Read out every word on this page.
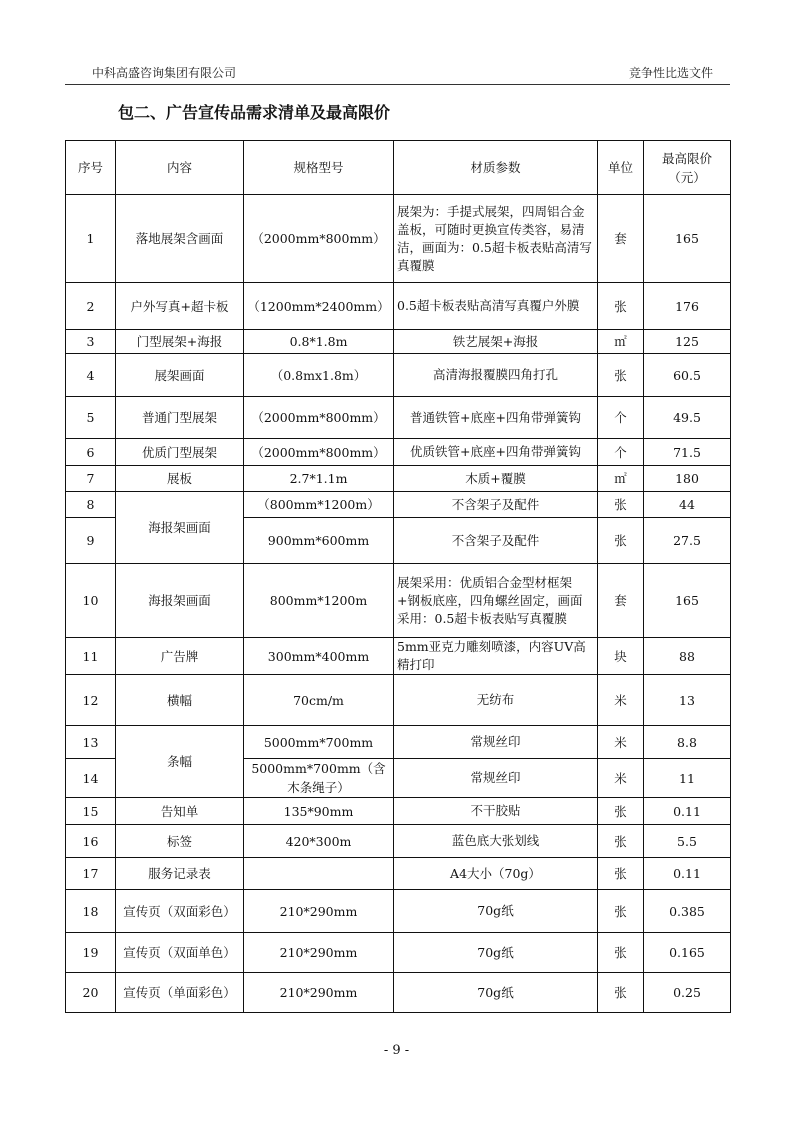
中科高盛咨询集团有限公司	竞争性比选文件
包二、广告宣传品需求清单及最高限价
序号	内容	规格型号	材质参数	单位	最高限价（元）
1	落地展架含画面	（2000mm*800mm）	展架为：手提式展架，四周铝合金盖板，可随时更换宣传类容，易清洁，画面为：0.5超卡板表贴高清写真覆膜	套	165
2	户外写真+超卡板	（1200mm*2400mm）	0.5超卡板表贴高清写真覆户外膜	张	176
3	门型展架+海报	0.8*1.8m	铁艺展架+海报	㎡	125
4	展架画面	（0.8mx1.8m）	高清海报覆膜四角打孔	张	60.5
5	普通门型展架	（2000mm*800mm）	普通铁管+底座+四角带弹簧钩	个	49.5
6	优质门型展架	（2000mm*800mm）	优质铁管+底座+四角带弹簧钩	个	71.5
7	展板	2.7*1.1m	木质+覆膜	㎡	180
8	海报架画面	（800mm*1200m）	不含架子及配件	张	44
9		900mm*600mm	不含架子及配件	张	27.5
10	海报架画面	800mm*1200m	展架采用：优质铝合金型材框架+钢板底座，四角螺丝固定，画面采用：0.5超卡板表贴写真覆膜	套	165
11	广告牌	300mm*400mm	5mm亚克力雕刻喷漆，内容UV高精打印	块	88
12	横幅	70cm/m	无纺布	米	13
13	条幅	5000mm*700mm	常规丝印	米	8.8
14		5000mm*700mm（含木条绳子）	常规丝印	米	11
15	告知单	135*90mm	不干胶贴	张	0.11
16	标签	420*300m	蓝色底大张划线	张	5.5
17	服务记录表		A4大小（70g）	张	0.11
18	宣传页（双面彩色）	210*290mm	70g纸	张	0.385
19	宣传页（双面单色）	210*290mm	70g纸	张	0.165
20	宣传页（单面彩色）	210*290mm	70g纸	张	0.25
- 9 -
